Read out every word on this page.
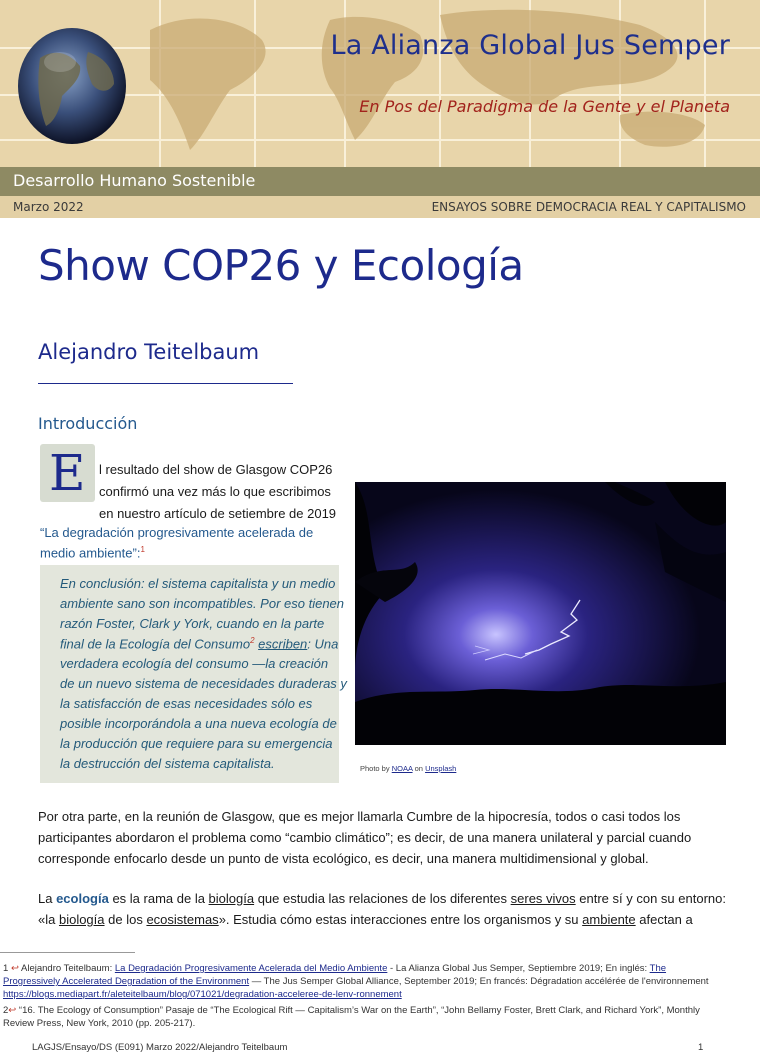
La Alianza Global Jus Semper
En Pos del Paradigma de la Gente y el Planeta
Desarrollo Humano Sostenible
Marzo 2022	ENSAYOS SOBRE DEMOCRACIA REAL Y CAPITALISMO
Show COP26 y Ecología
Alejandro Teitelbaum
Introducción
E l resultado del show de Glasgow COP26
confirmó una vez más lo que escribimos
en nuestro artículo de setiembre de 2019
“La degradación progresivamente acelerada de
medio ambiente”:$^1$
En conclusión: el sistema capitalista y un medio
ambiente sano son incompatibles. Por eso tienen
razón Foster, Clark y York, cuando en la parte
final de la Ecología del Consumo$^2$ escriben: Una
verdadera ecología del consumo —la creación
de un nuevo sistema de necesidades duraderas y
la satisfacción de esas necesidades sólo es
posible incorporándola a una nueva ecología de
la producción que requiere para su emergencia
la destrucción del sistema capitalista.	Photo by NOAA on Unsplash
Por otra parte, en la reunión de Glasgow, que es mejor llamarla Cumbre de la hipocresía, todos o casi todos los
participantes abordaron el problema como “cambio climático”; es decir, de una manera unilateral y parcial cuando
corresponde enfocarlo desde un punto de vista ecológico, es decir, una manera multidimensional y global.
La ecología es la rama de la biología que estudia las relaciones de los diferentes seres vivos entre sí y con su entorno:
«la biología de los ecosistemas». Estudia cómo estas interacciones entre los organismos y su ambiente afectan a
1 ↩ Alejandro Teitelbaum: La Degradación Progresivamente Acelerada del Medio Ambiente - La Alianza Global Jus Semper, Septiembre 2019; En inglés: The
Progressively Accelerated Degradation of the Environment — The Jus Semper Global Alliance, September 2019; En francés: Dégradation accélérée de l'environnement
https://blogs.mediapart.fr/aleteitelbaum/blog/071021/degradation-acceleree-de-lenv-ronnement
2↩ “16. The Ecology of Consumption” Pasaje de “The Ecological Rift — Capitalism’s War on the Earth”, “John Bellamy Foster, Brett Clark, and Richard York”, Monthly
Review Press, New York, 2010 (pp. 205-217).
LAGJS/Ensayo/DS (E091) Marzo 2022/Alejandro Teitelbaum	1
